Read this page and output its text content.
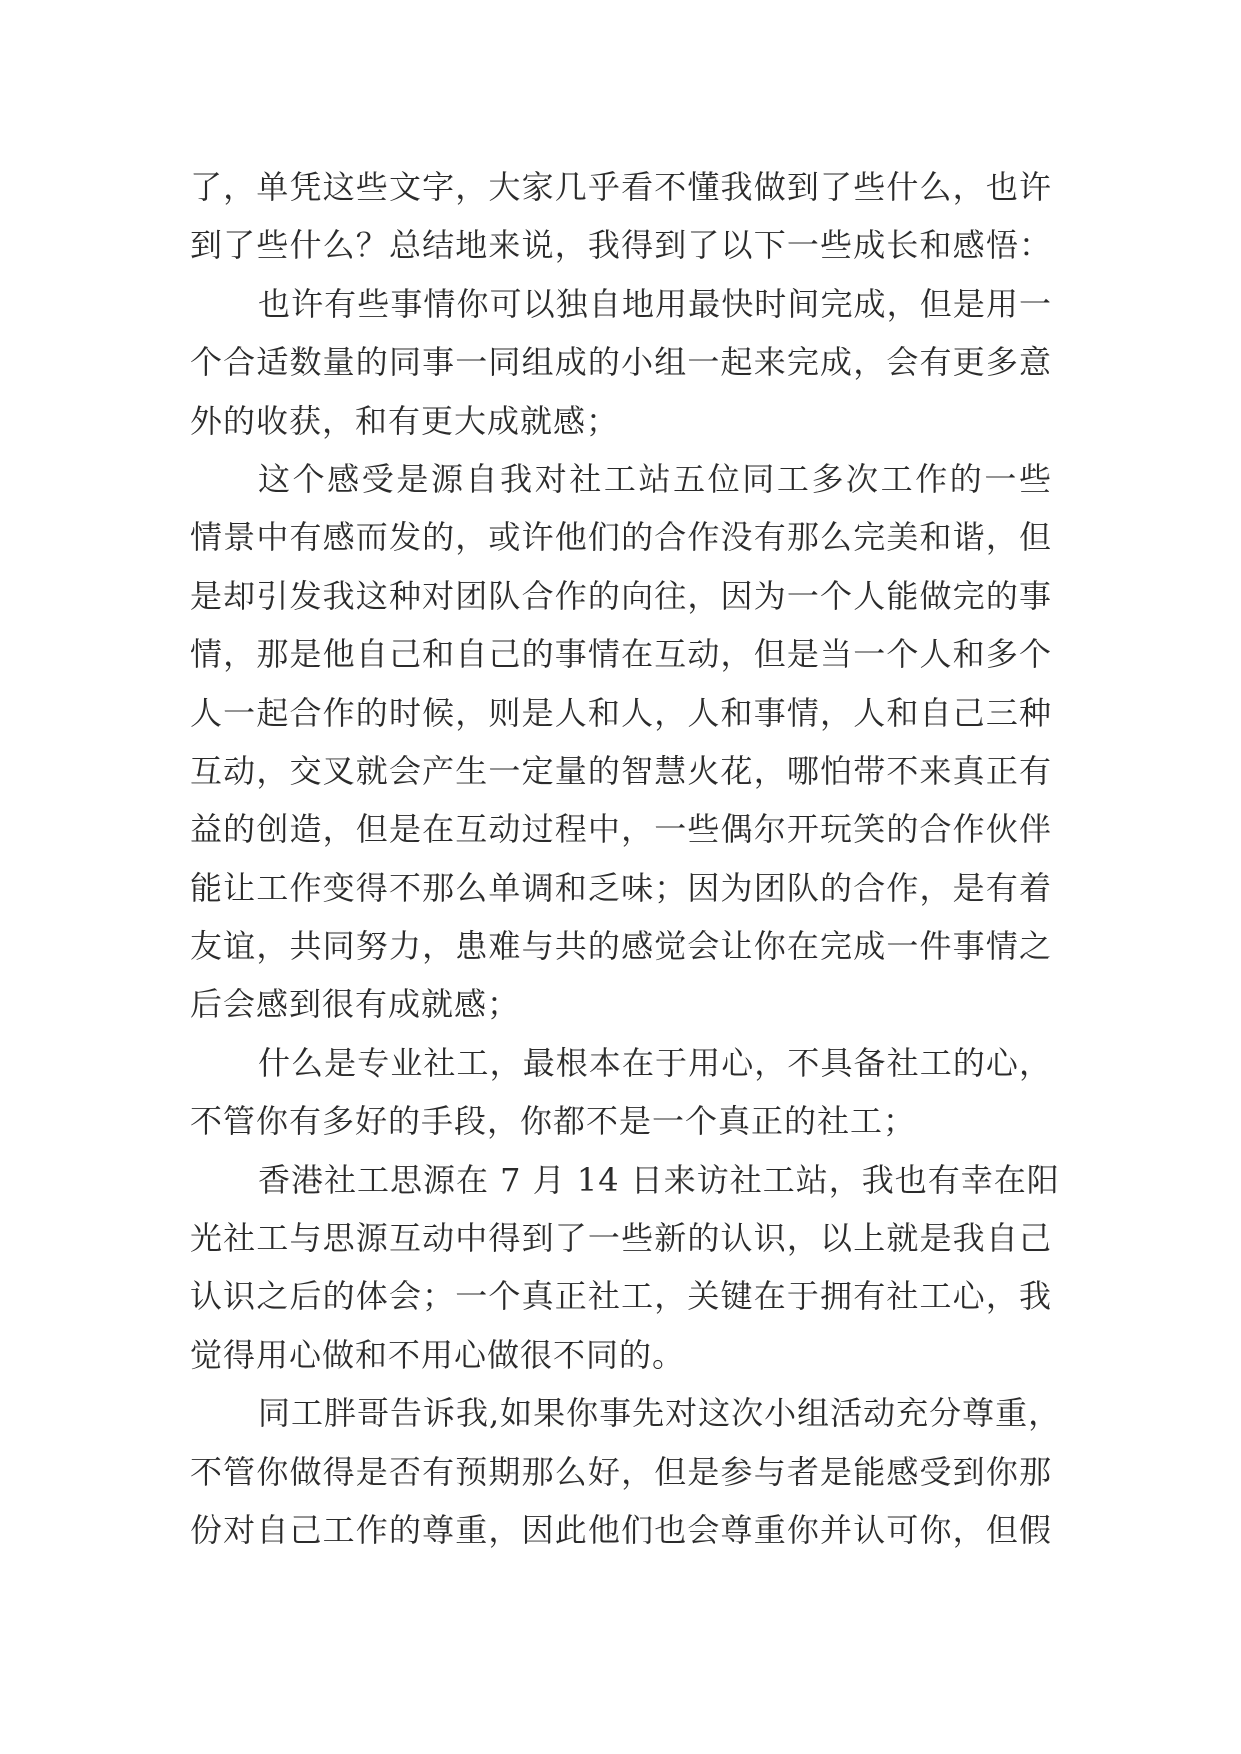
了，单凭这些文字，大家几乎看不懂我做到了些什么，也许
到了些什么？总结地来说，我得到了以下一些成长和感悟：
也许有些事情你可以独自地用最快时间完成，但是用一
个合适数量的同事一同组成的小组一起来完成，会有更多意
外的收获，和有更大成就感；
这个感受是源自我对社工站五位同工多次工作的一些
情景中有感而发的，或许他们的合作没有那么完美和谐，但
是却引发我这种对团队合作的向往，因为一个人能做完的事
情，那是他自己和自己的事情在互动，但是当一个人和多个
人一起合作的时候，则是人和人，人和事情，人和自己三种
互动，交叉就会产生一定量的智慧火花，哪怕带不来真正有
益的创造，但是在互动过程中，一些偶尔开玩笑的合作伙伴
能让工作变得不那么单调和乏味；因为团队的合作，是有着
友谊，共同努力，患难与共的感觉会让你在完成一件事情之
后会感到很有成就感；
什么是专业社工，最根本在于用心，不具备社工的心，
不管你有多好的手段，你都不是一个真正的社工；
香港社工思源在 7 月 14 日来访社工站，我也有幸在阳
光社工与思源互动中得到了一些新的认识，以上就是我自己
认识之后的体会；一个真正社工，关键在于拥有社工心，我
觉得用心做和不用心做很不同的。
同工胖哥告诉我,如果你事先对这次小组活动充分尊重，
不管你做得是否有预期那么好，但是参与者是能感受到你那
份对自己工作的尊重，因此他们也会尊重你并认可你，但假
